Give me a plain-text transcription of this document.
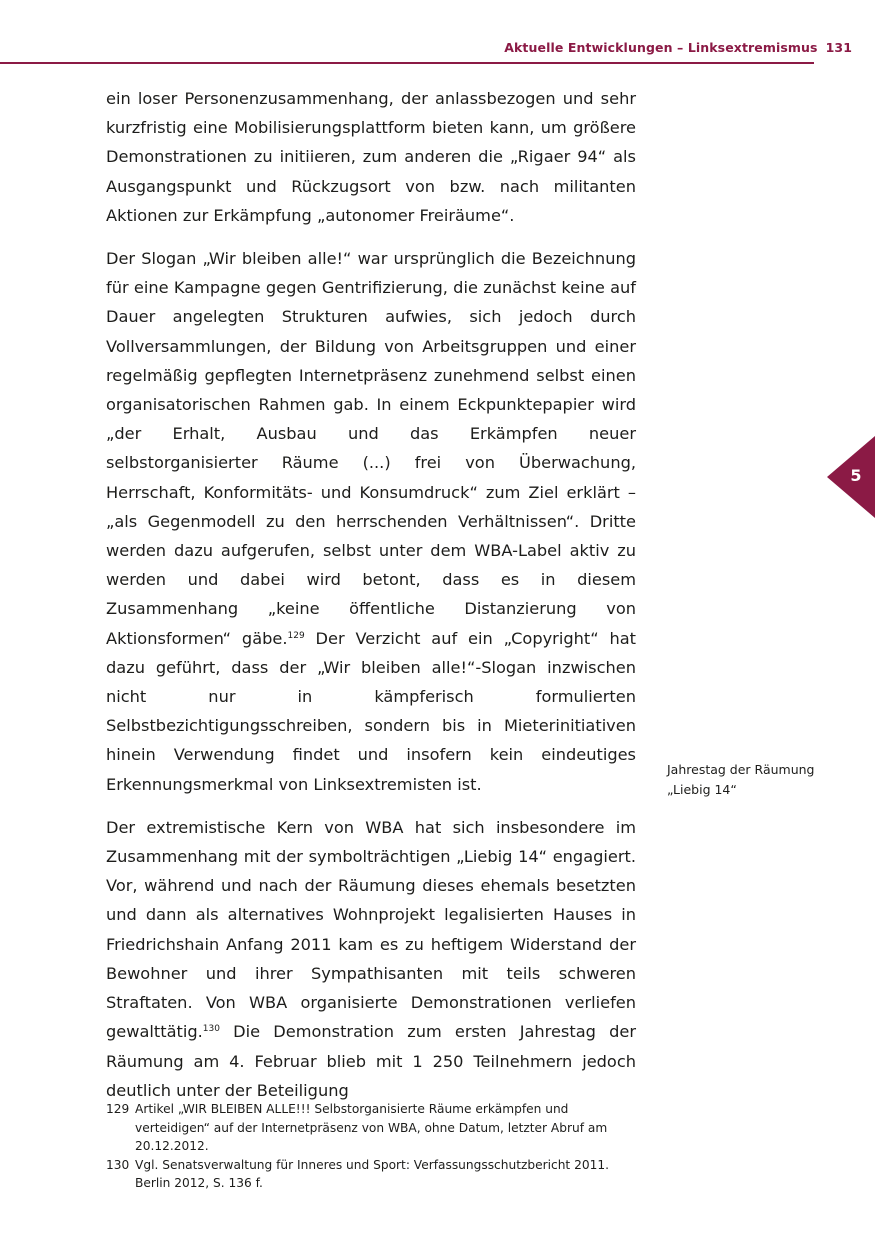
Aktuelle Entwicklungen – Linksextremismus 131
5

ein loser Personenzusammenhang, der anlassbezogen und sehr kurzfristig eine Mobilisierungsplattform bieten kann, um größere Demonstrationen zu initiieren, zum anderen die „Rigaer 94“ als Ausgangspunkt und Rückzugsort von bzw. nach militanten Aktionen zur Erkämpfung „autonomer Freiräume“.

Der Slogan „Wir bleiben alle!“ war ursprünglich die Bezeichnung für eine Kampagne gegen Gentrifizierung, die zunächst keine auf Dauer angelegten Strukturen aufwies, sich jedoch durch Vollversammlungen, der Bildung von Arbeitsgruppen und einer regelmäßig gepflegten Internetpräsenz zunehmend selbst einen organisatorischen Rahmen gab. In einem Eckpunktepapier wird „der Erhalt, Ausbau und das Erkämpfen neuer selbstorganisierter Räume (...) frei von Überwachung, Herrschaft, Konformitäts- und Konsumdruck“ zum Ziel erklärt – „als Gegenmodell zu den herrschenden Verhältnissen“. Dritte werden dazu aufgerufen, selbst unter dem WBA-Label aktiv zu werden und dabei wird betont, dass es in diesem Zusammenhang „keine öffentliche Distanzierung von Aktionsformen“ gäbe.$^{129}$ Der Verzicht auf ein „Copyright“ hat dazu geführt, dass der „Wir bleiben alle!“-Slogan inzwischen nicht nur in kämpferisch formulierten Selbstbezichtigungsschreiben, sondern bis in Mieterinitiativen hinein Verwendung findet und insofern kein eindeutiges Erkennungsmerkmal von Linksextremisten ist.

Der extremistische Kern von WBA hat sich insbesondere im Zusammenhang mit der symbolträchtigen „Liebig 14“ engagiert. Vor, während und nach der Räumung dieses ehemals besetzten und dann als alternatives Wohnprojekt legalisierten Hauses in Friedrichshain Anfang 2011 kam es zu heftigem Widerstand der Bewohner und ihrer Sympathisanten mit teils schweren Straftaten. Von WBA organisierte Demonstrationen verliefen gewalttätig.$^{130}$ Die Demonstration zum ersten Jahrestag der Räumung am 4. Februar blieb mit 1 250 Teilnehmern jedoch deutlich unter der Beteiligung

Jahrestag der Räumung
„Liebig 14“
129 Artikel „WIR BLEIBEN ALLE!!! Selbstorganisierte Räume erkämpfen und verteidigen“ auf der Internetpräsenz von WBA, ohne Datum, letzter Abruf am 20.12.2012.
130 Vgl. Senatsverwaltung für Inneres und Sport: Verfassungsschutzbericht 2011. Berlin 2012, S. 136 f.
